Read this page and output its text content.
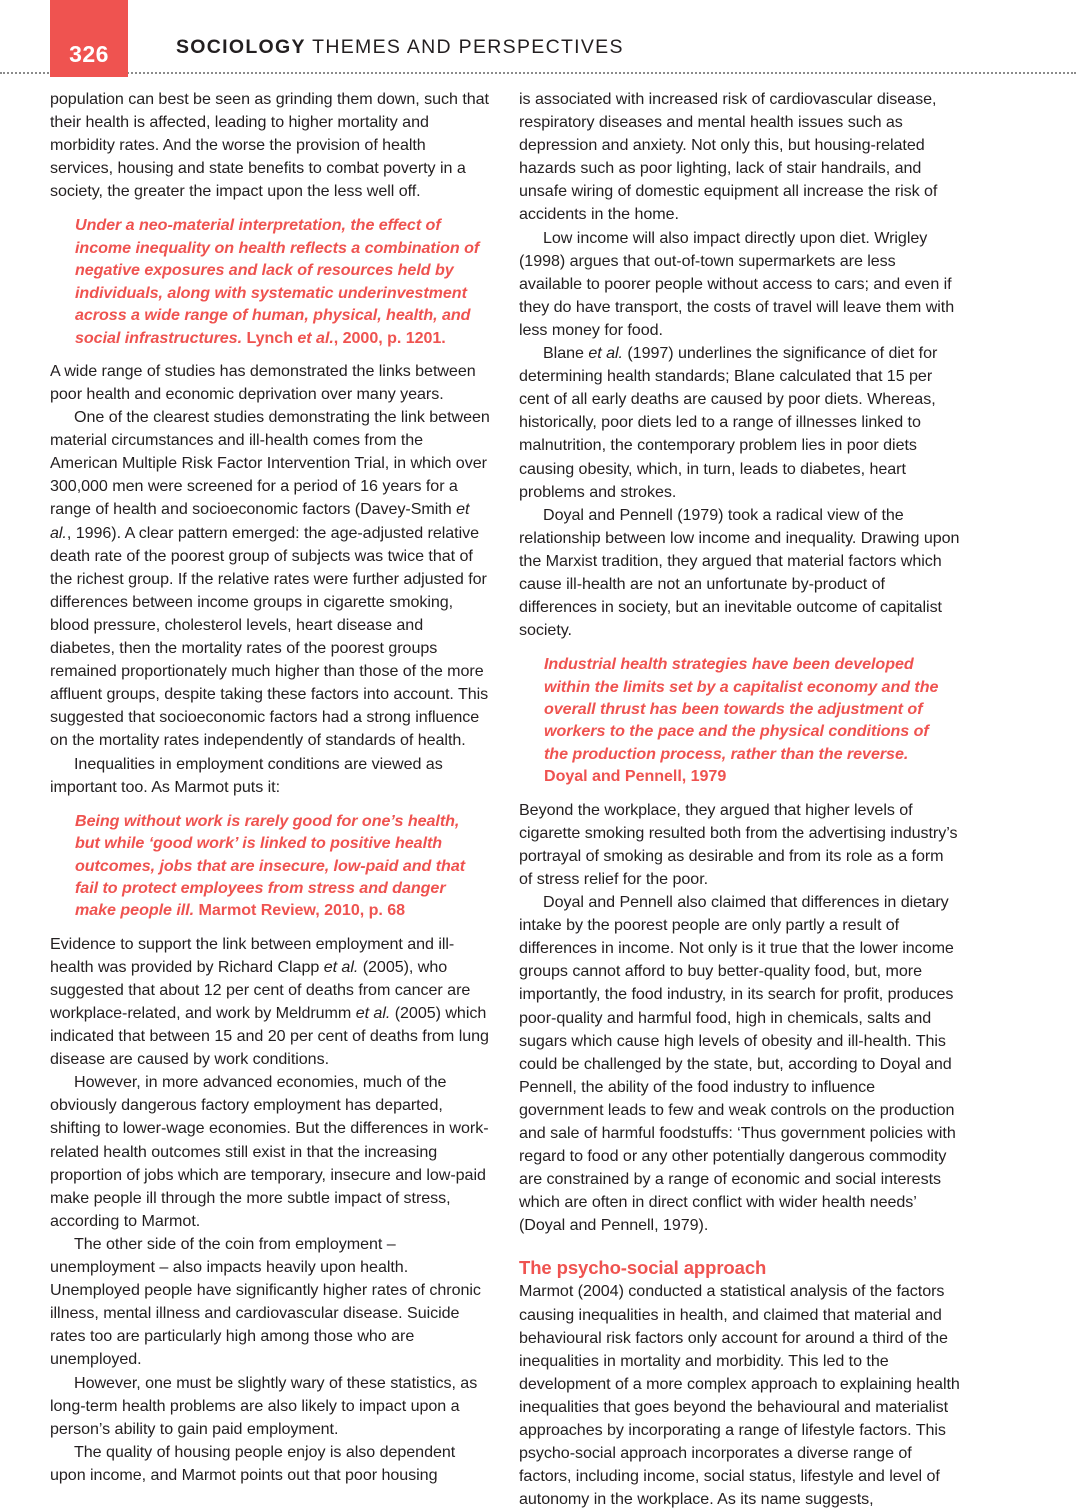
326	SOCIOLOGY THEMES AND PERSPECTIVES

population can best be seen as grinding them down, such that their health is affected, leading to higher mortality and morbidity rates. And the worse the provision of health services, housing and state benefits to combat poverty in a society, the greater the impact upon the less well off.

Under a neo-material interpretation, the effect of income inequality on health reflects a combination of negative exposures and lack of resources held by individuals, along with systematic underinvestment across a wide range of human, physical, health, and social infrastructures. Lynch et al., 2000, p. 1201.

A wide range of studies has demonstrated the links between poor health and economic deprivation over many years.

One of the clearest studies demonstrating the link between material circumstances and ill-health comes from the American Multiple Risk Factor Intervention Trial, in which over 300,000 men were screened for a period of 16 years for a range of health and socioeconomic factors (Davey-Smith et al., 1996). A clear pattern emerged: the age-adjusted relative death rate of the poorest group of subjects was twice that of the richest group. If the relative rates were further adjusted for differences between income groups in cigarette smoking, blood pressure, cholesterol levels, heart disease and diabetes, then the mortality rates of the poorest groups remained proportionately much higher than those of the more affluent groups, despite taking these factors into account. This suggested that socioeconomic factors had a strong influence on the mortality rates independently of standards of health.

Inequalities in employment conditions are viewed as important too. As Marmot puts it:

Being without work is rarely good for one’s health, but while ‘good work’ is linked to positive health outcomes, jobs that are insecure, low-paid and that fail to protect employees from stress and danger make people ill. Marmot Review, 2010, p. 68

Evidence to support the link between employment and ill-health was provided by Richard Clapp et al. (2005), who suggested that about 12 per cent of deaths from cancer are workplace-related, and work by Meldrumm et al. (2005) which indicated that between 15 and 20 per cent of deaths from lung disease are caused by work conditions.

However, in more advanced economies, much of the obviously dangerous factory employment has departed, shifting to lower-wage economies. But the differences in work-related health outcomes still exist in that the increasing proportion of jobs which are temporary, insecure and low-paid make people ill through the more subtle impact of stress, according to Marmot.

The other side of the coin from employment – unemployment – also impacts heavily upon health. Unemployed people have significantly higher rates of chronic illness, mental illness and cardiovascular disease. Suicide rates too are particularly high among those who are unemployed.

However, one must be slightly wary of these statistics, as long-term health problems are also likely to impact upon a person’s ability to gain paid employment.

The quality of housing people enjoy is also dependent upon income, and Marmot points out that poor housing

is associated with increased risk of cardiovascular disease, respiratory diseases and mental health issues such as depression and anxiety. Not only this, but housing-related hazards such as poor lighting, lack of stair handrails, and unsafe wiring of domestic equipment all increase the risk of accidents in the home.

Low income will also impact directly upon diet. Wrigley (1998) argues that out-of-town supermarkets are less available to poorer people without access to cars; and even if they do have transport, the costs of travel will leave them with less money for food.

Blane et al. (1997) underlines the significance of diet for determining health standards; Blane calculated that 15 per cent of all early deaths are caused by poor diets. Whereas, historically, poor diets led to a range of illnesses linked to malnutrition, the contemporary problem lies in poor diets causing obesity, which, in turn, leads to diabetes, heart problems and strokes.

Doyal and Pennell (1979) took a radical view of the relationship between low income and inequality. Drawing upon the Marxist tradition, they argued that material factors which cause ill-health are not an unfortunate by-product of differences in society, but an inevitable outcome of capitalist society.

Industrial health strategies have been developed within the limits set by a capitalist economy and the overall thrust has been towards the adjustment of workers to the pace and the physical conditions of the production process, rather than the reverse. Doyal and Pennell, 1979

Beyond the workplace, they argued that higher levels of cigarette smoking resulted both from the advertising industry’s portrayal of smoking as desirable and from its role as a form of stress relief for the poor.

Doyal and Pennell also claimed that differences in dietary intake by the poorest people are only partly a result of differences in income. Not only is it true that the lower income groups cannot afford to buy better-quality food, but, more importantly, the food industry, in its search for profit, produces poor-quality and harmful food, high in chemicals, salts and sugars which cause high levels of obesity and ill-health. This could be challenged by the state, but, according to Doyal and Pennell, the ability of the food industry to influence government leads to few and weak controls on the production and sale of harmful foodstuffs: ‘Thus government policies with regard to food or any other potentially dangerous commodity are constrained by a range of economic and social interests which are often in direct conflict with wider health needs’ (Doyal and Pennell, 1979).

The psycho-social approach

Marmot (2004) conducted a statistical analysis of the factors causing inequalities in health, and claimed that material and behavioural risk factors only account for around a third of the inequalities in mortality and morbidity. This led to the development of a more complex approach to explaining health inequalities that goes beyond the behavioural and materialist approaches by incorporating a range of lifestyle factors. This psycho-social approach incorporates a diverse range of factors, including income, social status, lifestyle and level of autonomy in the workplace. As its name suggests,
